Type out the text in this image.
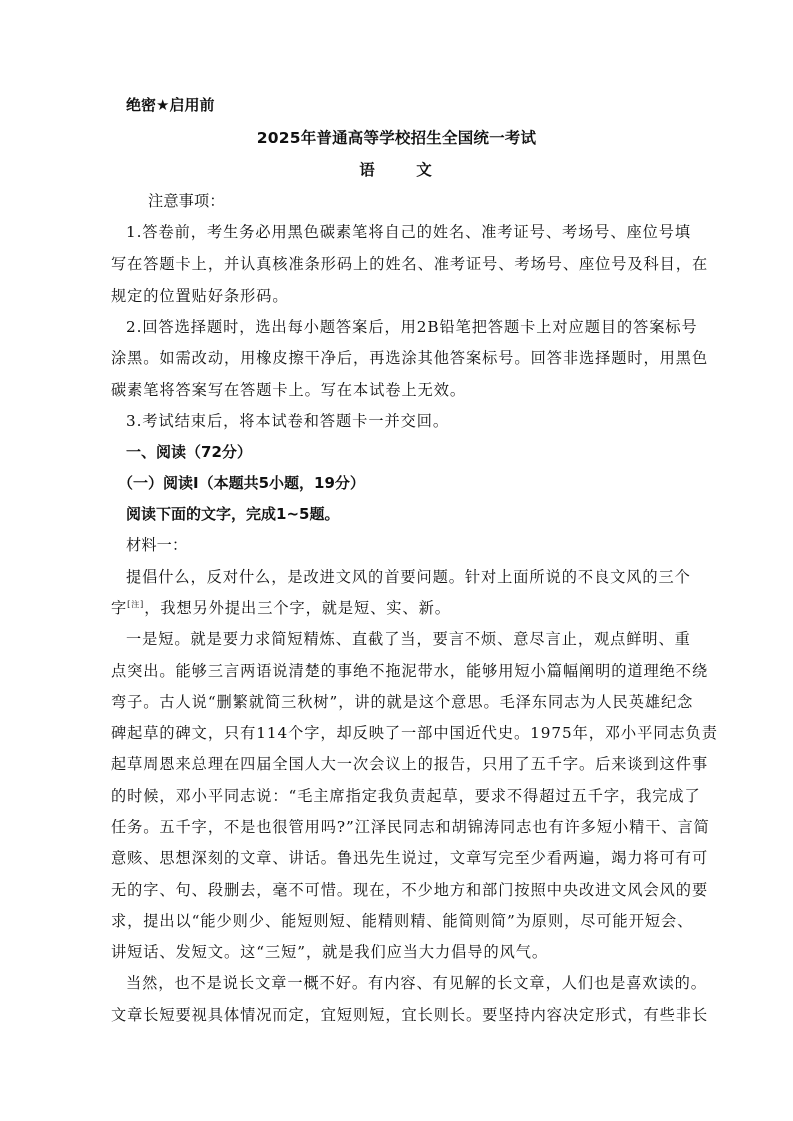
绝密★启用前
2025年普通高等学校招生全国统一考试
语 文
注意事项：
1.答卷前，考生务必用黑色碳素笔将自己的姓名、准考证号、考场号、座位号填
写在答题卡上，并认真核准条形码上的姓名、准考证号、考场号、座位号及科目，在
规定的位置贴好条形码。
2.回答选择题时，选出每小题答案后，用2B铅笔把答题卡上对应题目的答案标号
涂黑。如需改动，用橡皮擦干净后，再选涂其他答案标号。回答非选择题时，用黑色
碳素笔将答案写在答题卡上。写在本试卷上无效。
3.考试结束后，将本试卷和答题卡一并交回。
一、阅读（72分）
（一）阅读Ⅰ（本题共5小题，19分）
阅读下面的文字，完成1~5题。
材料一：
提倡什么，反对什么，是改进文风的首要问题。针对上面所说的不良文风的三个
字[注]，我想另外提出三个字，就是短、实、新。
一是短。就是要力求简短精炼、直截了当，要言不烦、意尽言止，观点鲜明、重
点突出。能够三言两语说清楚的事绝不拖泥带水，能够用短小篇幅阐明的道理绝不绕
弯子。古人说“删繁就简三秋树”，讲的就是这个意思。毛泽东同志为人民英雄纪念
碑起草的碑文，只有114个字，却反映了一部中国近代史。1975年，邓小平同志负责
起草周恩来总理在四届全国人大一次会议上的报告，只用了五千字。后来谈到这件事
的时候，邓小平同志说：“毛主席指定我负责起草，要求不得超过五千字，我完成了
任务。五千字，不是也很管用吗?”江泽民同志和胡锦涛同志也有许多短小精干、言简
意赅、思想深刻的文章、讲话。鲁迅先生说过，文章写完至少看两遍，竭力将可有可
无的字、句、段删去，毫不可惜。现在，不少地方和部门按照中央改进文风会风的要
求，提出以“能少则少、能短则短、能精则精、能简则简”为原则，尽可能开短会、
讲短话、发短文。这“三短”，就是我们应当大力倡导的风气。
当然，也不是说长文章一概不好。有内容、有见解的长文章，人们也是喜欢读的。
文章长短要视具体情况而定，宜短则短，宜长则长。要坚持内容决定形式，有些非长
